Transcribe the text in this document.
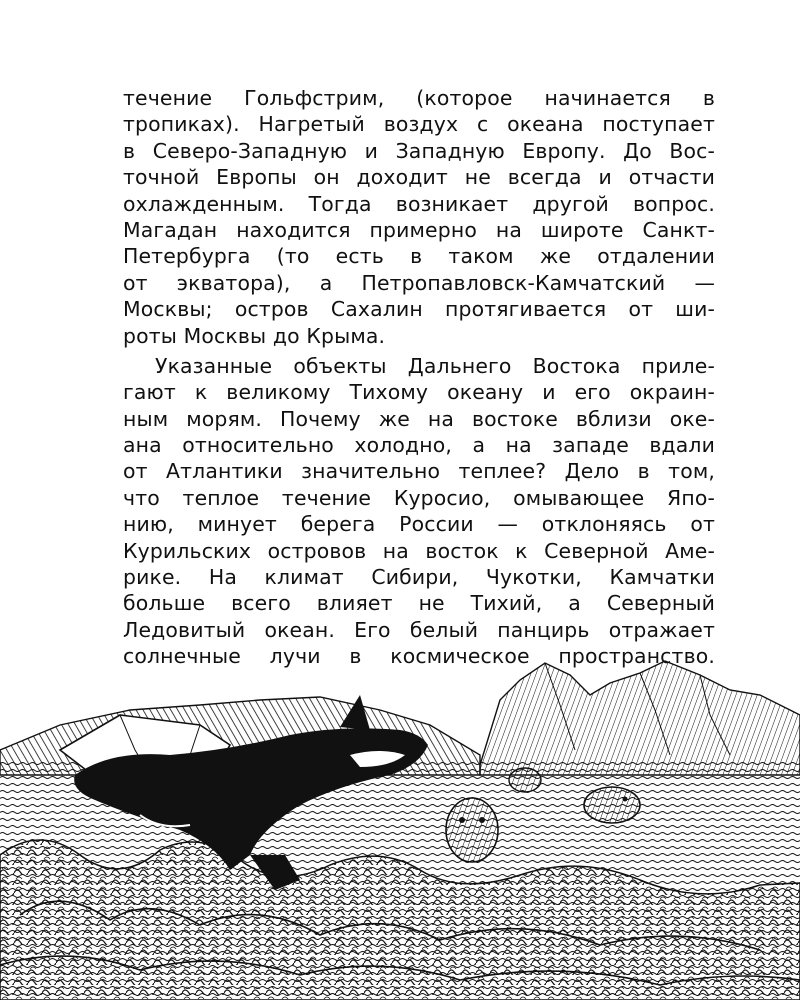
течение Гольфстрим, (которое начинается в
тропиках). Нагретый воздух с океана поступает
в Северо-Западную и Западную Европу. До Вос-
точной Европы он доходит не всегда и отчасти
охлажденным. Тогда возникает другой вопрос.
Магадан находится примерно на широте Санкт-
Петербурга (то есть в таком же отдалении
от экватора), а Петропавловск-Камчатский —
Москвы; остров Сахалин протягивается от ши-
роты Москвы до Крыма.
Указанные объекты Дальнего Востока приле-
гают к великому Тихому океану и его окраин-
ным морям. Почему же на востоке вблизи оке-
ана относительно холодно, а на западе вдали
от Атлантики значительно теплее? Дело в том,
что теплое течение Куросио, омывающее Япо-
нию, минует берега России — отклоняясь от
Курильских островов на восток к Северной Аме-
рике. На климат Сибири, Чукотки, Камчатки
больше всего влияет не Тихий, а Северный
Ледовитый океан. Его белый панцирь отражает
солнечные лучи в космическое пространство.
